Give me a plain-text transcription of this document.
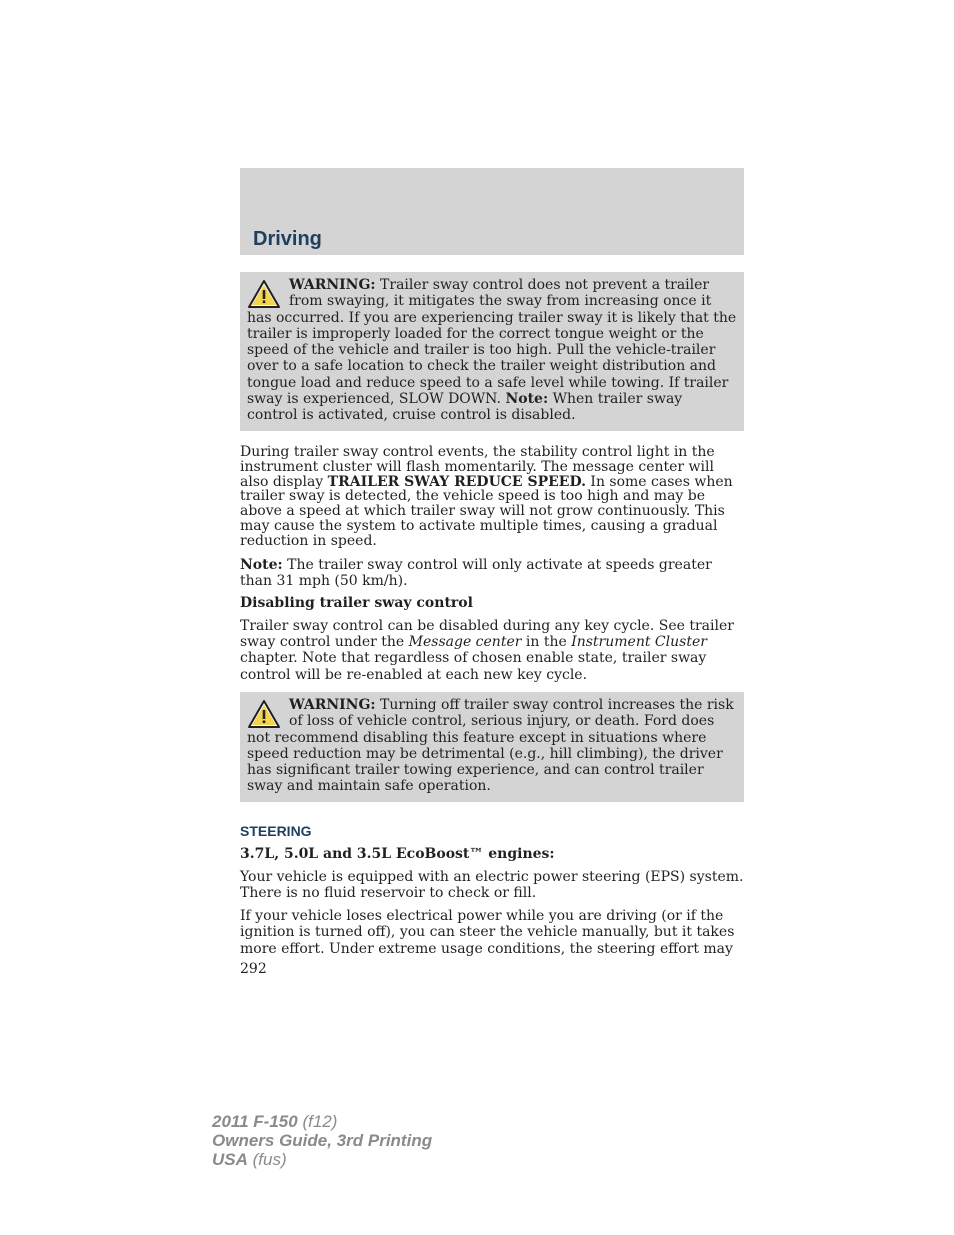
Driving
WARNING: Trailer sway control does not prevent a trailer from swaying, it mitigates the sway from increasing once it has occurred. If you are experiencing trailer sway it is likely that the trailer is improperly loaded for the correct tongue weight or the speed of the vehicle and trailer is too high. Pull the vehicle-trailer over to a safe location to check the trailer weight distribution and tongue load and reduce speed to a safe level while towing. If trailer sway is experienced, SLOW DOWN. Note: When trailer sway control is activated, cruise control is disabled.

During trailer sway control events, the stability control light in the instrument cluster will flash momentarily. The message center will also display TRAILER SWAY REDUCE SPEED. In some cases when trailer sway is detected, the vehicle speed is too high and may be above a speed at which trailer sway will not grow continuously. This may cause the system to activate multiple times, causing a gradual reduction in speed.

Note: The trailer sway control will only activate at speeds greater than 31 mph (50 km/h).

Disabling trailer sway control

Trailer sway control can be disabled during any key cycle. See trailer sway control under the Message center in the Instrument Cluster chapter. Note that regardless of chosen enable state, trailer sway control will be re-enabled at each new key cycle.

WARNING: Turning off trailer sway control increases the risk of loss of vehicle control, serious injury, or death. Ford does not recommend disabling this feature except in situations where speed reduction may be detrimental (e.g., hill climbing), the driver has significant trailer towing experience, and can control trailer sway and maintain safe operation.
STEERING
3.7L, 5.0L and 3.5L EcoBoost™ engines:
Your vehicle is equipped with an electric power steering (EPS) system. There is no fluid reservoir to check or fill.
If your vehicle loses electrical power while you are driving (or if the ignition is turned off), you can steer the vehicle manually, but it takes more effort. Under extreme usage conditions, the steering effort may
292
2011 F-150 (f12)
Owners Guide, 3rd Printing
USA (fus)
